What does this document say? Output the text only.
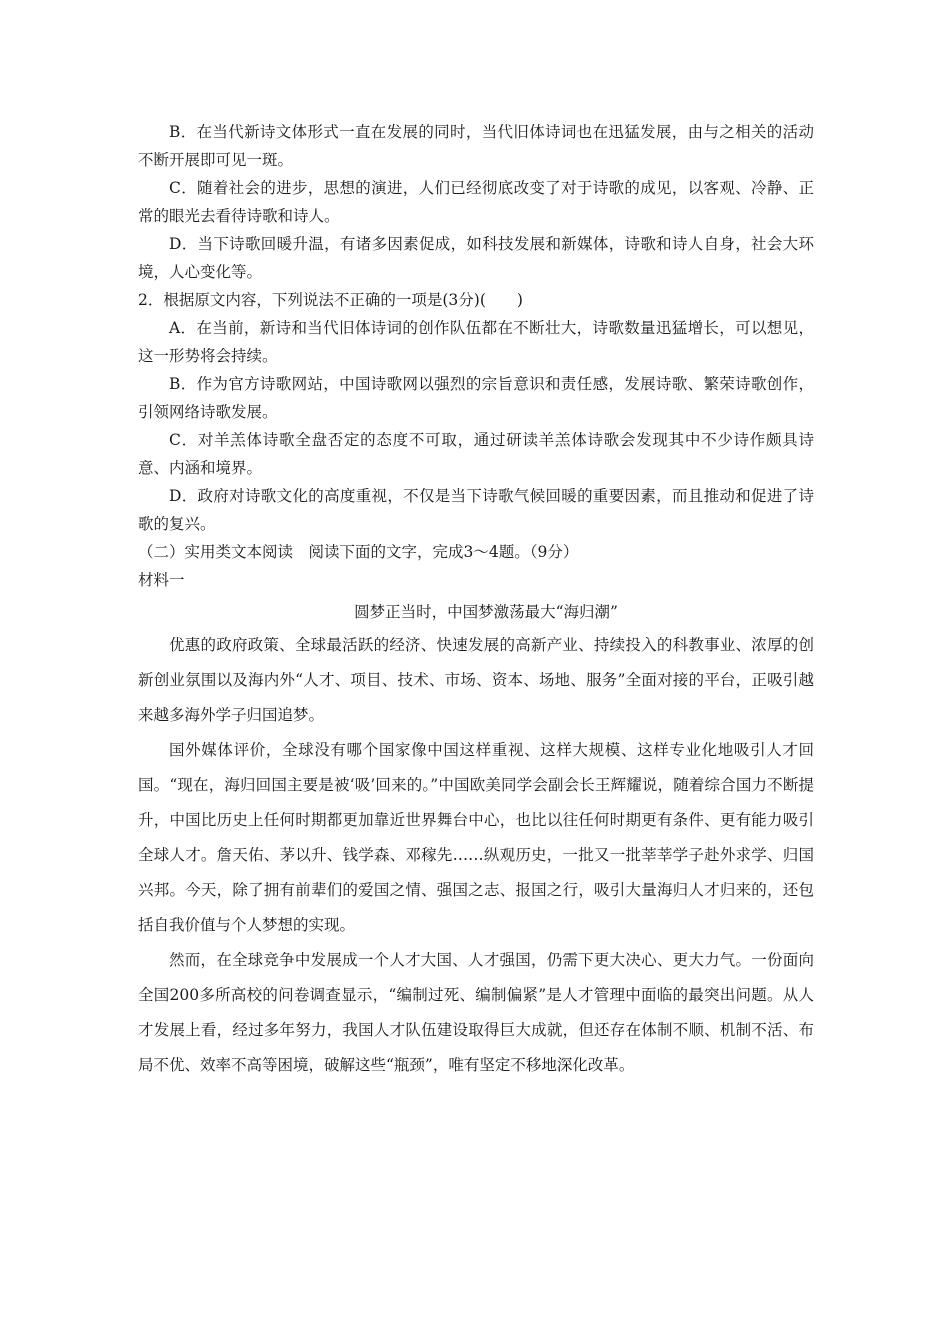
B．在当代新诗文体形式一直在发展的同时，当代旧体诗词也在迅猛发展，由与之相关的活动不断开展即可见一斑。

C．随着社会的进步，思想的演进，人们已经彻底改变了对于诗歌的成见，以客观、冷静、正常的眼光去看待诗歌和诗人。

D．当下诗歌回暖升温，有诸多因素促成，如科技发展和新媒体，诗歌和诗人自身，社会大环境，人心变化等。

2．根据原文内容，下列说法不正确的一项是(3分)(　　)

A．在当前，新诗和当代旧体诗词的创作队伍都在不断壮大，诗歌数量迅猛增长，可以想见，这一形势将会持续。

B．作为官方诗歌网站，中国诗歌网以强烈的宗旨意识和责任感，发展诗歌、繁荣诗歌创作，引领网络诗歌发展。

C．对羊羔体诗歌全盘否定的态度不可取，通过研读羊羔体诗歌会发现其中不少诗作颇具诗意、内涵和境界。

D．政府对诗歌文化的高度重视，不仅是当下诗歌气候回暖的重要因素，而且推动和促进了诗歌的复兴。

（二）实用类文本阅读　阅读下面的文字，完成3～4题。（9分）

材料一

圆梦正当时，中国梦激荡最大“海归潮”

优惠的政府政策、全球最活跃的经济、快速发展的高新产业、持续投入的科教事业、浓厚的创新创业氛围以及海内外“人才、项目、技术、市场、资本、场地、服务”全面对接的平台，正吸引越来越多海外学子归国追梦。

国外媒体评价，全球没有哪个国家像中国这样重视、这样大规模、这样专业化地吸引人才回国。“现在，海归回国主要是被‘吸’回来的。”中国欧美同学会副会长王辉耀说，随着综合国力不断提升，中国比历史上任何时期都更加靠近世界舞台中心，也比以往任何时期更有条件、更有能力吸引全球人才。詹天佑、茅以升、钱学森、邓稼先……纵观历史，一批又一批莘莘学子赴外求学、归国兴邦。今天，除了拥有前辈们的爱国之情、强国之志、报国之行，吸引大量海归人才归来的，还包括自我价值与个人梦想的实现。

然而，在全球竞争中发展成一个人才大国、人才强国，仍需下更大决心、更大力气。一份面向全国200多所高校的问卷调查显示，“编制过死、编制偏紧”是人才管理中面临的最突出问题。从人才发展上看，经过多年努力，我国人才队伍建设取得巨大成就，但还存在体制不顺、机制不活、布局不优、效率不高等困境，破解这些“瓶颈”，唯有坚定不移地深化改革。
